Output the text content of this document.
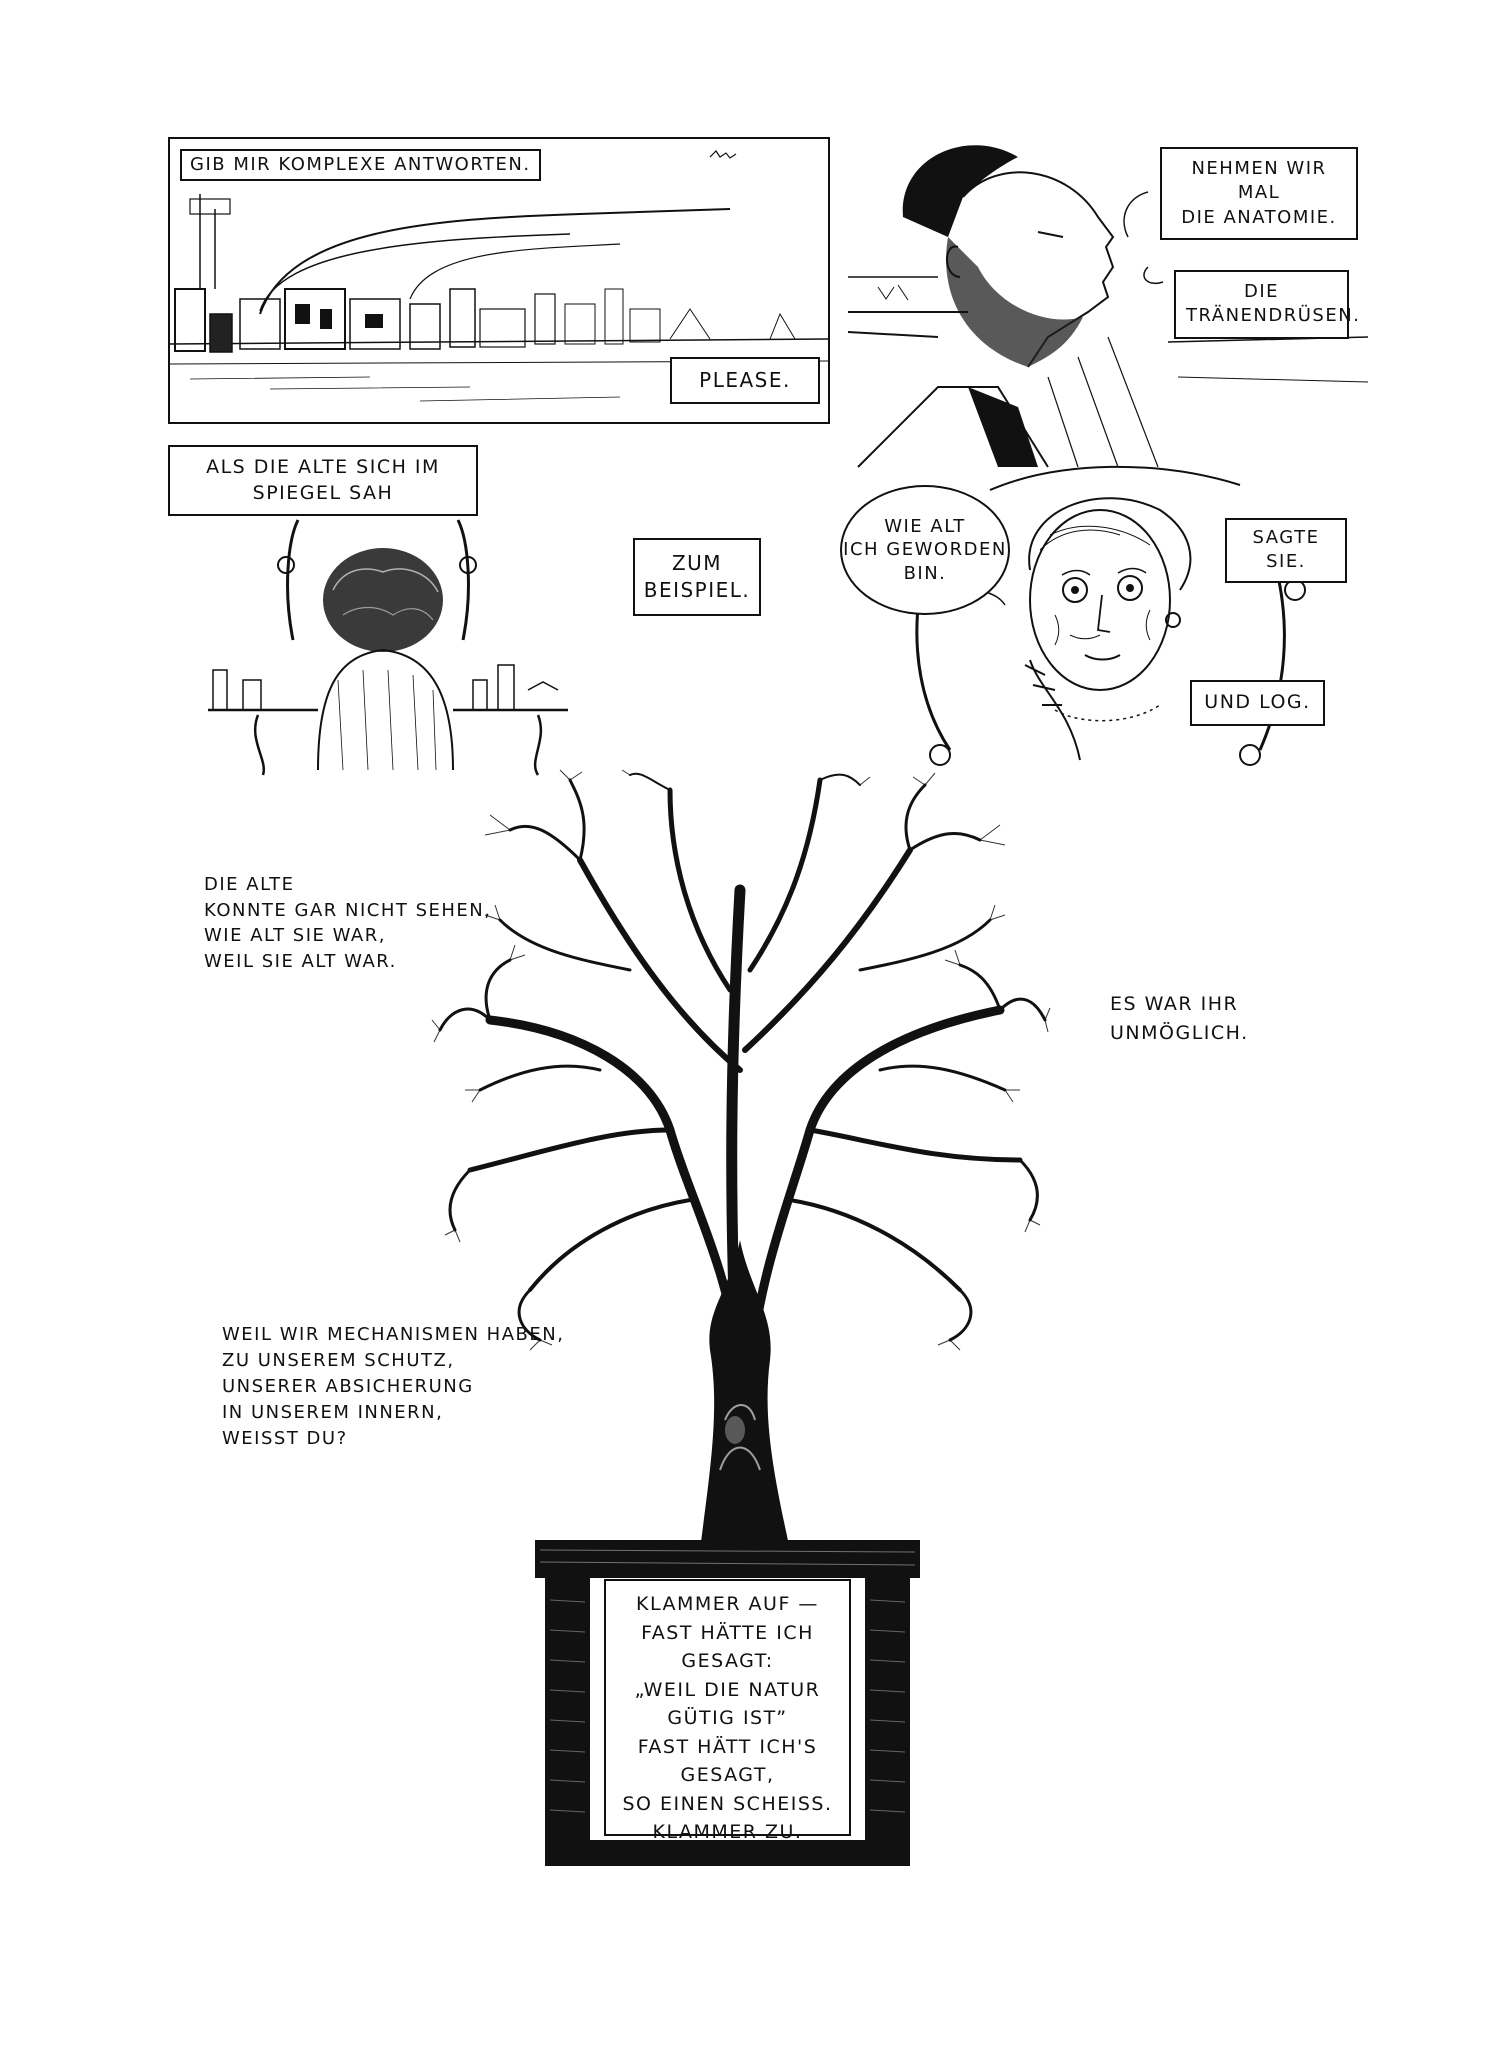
GIB MIR KOMPLEXE ANTWORTEN.
PLEASE.
NEHMEN WIR MAL
DIE ANATOMIE.
DIE
TRÄNENDRÜSEN.
ALS DIE ALTE SICH IM
SPIEGEL SAH
ZUM
BEISPIEL.
WIE ALT
ICH GEWORDEN
BIN.
SAGTE SIE.
UND LOG.
DIE ALTE
KONNTE GAR NICHT SEHEN,
WIE ALT SIE WAR,
WEIL SIE ALT WAR.
ES WAR IHR
UNMÖGLICH.
WEIL WIR MECHANISMEN HABEN,
ZU UNSEREM SCHUTZ,
UNSERER ABSICHERUNG
IN UNSEREM INNERN,
WEISST DU?
KLAMMER AUF —
FAST HÄTTE ICH GESAGT:
„WEIL DIE NATUR
GÜTIG IST”
FAST HÄTT ICH'S GESAGT,
SO EINEN SCHEISS.
KLAMMER ZU.
